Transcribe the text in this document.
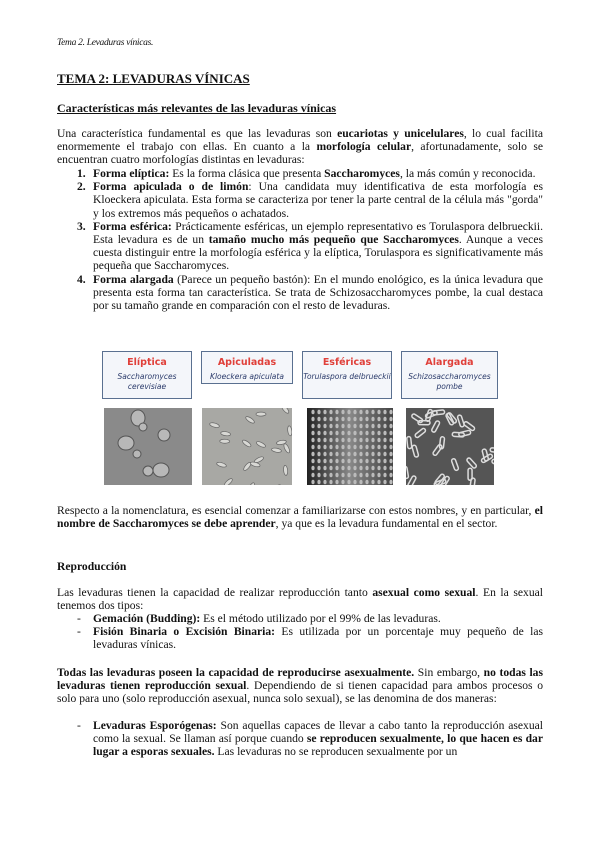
Tema 2. Levaduras vínicas.
TEMA 2: LEVADURAS VÍNICAS
Características más relevantes de las levaduras vínicas
Una característica fundamental es que las levaduras son eucariotas y unicelulares, lo cual facilita enormemente el trabajo con ellas. En cuanto a la morfología celular, afortunadamente, solo se encuentran cuatro morfologías distintas en levaduras:
1. Forma elíptica: Es la forma clásica que presenta Saccharomyces, la más común y reconocida.
2. Forma apiculada o de limón: Una candidata muy identificativa de esta morfología es Kloeckera apiculata. Esta forma se caracteriza por tener la parte central de la célula más "gorda" y los extremos más pequeños o achatados.
3. Forma esférica: Prácticamente esféricas, un ejemplo representativo es Torulaspora delbrueckii. Esta levadura es de un tamaño mucho más pequeño que Saccharomyces. Aunque a veces cuesta distinguir entre la morfología esférica y la elíptica, Torulaspora es significativamente más pequeña que Saccharomyces.
4. Forma alargada (Parece un pequeño bastón): En el mundo enológico, es la única levadura que presenta esta forma tan característica. Se trata de Schizosaccharomyces pombe, la cual destaca por su tamaño grande en comparación con el resto de levaduras.
Elíptica
Saccharomyces cerevisiae
Apiculadas
Kloeckera apiculata
Esféricas
Torulaspora delbrueckii
Alargada
Schizosaccharomyces pombe
Respecto a la nomenclatura, es esencial comenzar a familiarizarse con estos nombres, y en particular, el nombre de Saccharomyces se debe aprender, ya que es la levadura fundamental en el sector.
Reproducción
Las levaduras tienen la capacidad de realizar reproducción tanto asexual como sexual. En la sexual tenemos dos tipos:
- Gemación (Budding): Es el método utilizado por el 99% de las levaduras.
- Fisión Binaria o Excisión Binaria: Es utilizada por un porcentaje muy pequeño de las levaduras vínicas.
Todas las levaduras poseen la capacidad de reproducirse asexualmente. Sin embargo, no todas las levaduras tienen reproducción sexual. Dependiendo de si tienen capacidad para ambos procesos o solo para uno (solo reproducción asexual, nunca solo sexual), se las denomina de dos maneras:
- Levaduras Esporógenas: Son aquellas capaces de llevar a cabo tanto la reproducción asexual como la sexual. Se llaman así porque cuando se reproducen sexualmente, lo que hacen es dar lugar a esporas sexuales. Las levaduras no se reproducen sexualmente por un
